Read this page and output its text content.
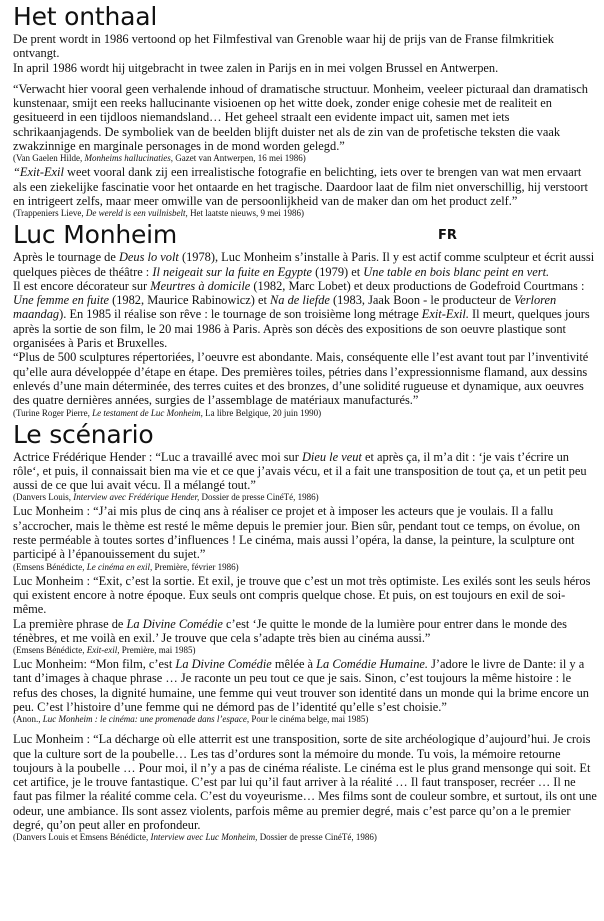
Het onthaal

De prent wordt in 1986 vertoond op het Filmfestival van Grenoble waar hij de prijs van de Franse filmkritiek ontvangt.

In april 1986 wordt hij uitgebracht in twee zalen in Parijs en in mei volgen Brussel en Antwerpen.

“Verwacht hier vooral geen verhalende inhoud of dramatische structuur. Monheim, veeleer picturaal dan dramatisch kunstenaar, smijt een reeks hallucinante visioenen op het witte doek, zonder enige cohesie met de realiteit en gesitueerd in een tijdloos niemandsland… Het geheel straalt een evidente impact uit, samen met iets schrikaanjagends. De symboliek van de beelden blijft duister net als de zin van de profetische teksten die vaak zwakzinnige en marginale personages in de mond worden gelegd.”

(Van Gaelen Hilde, Monheims hallucinaties, Gazet van Antwerpen, 16 mei 1986)

“Exit-Exil weet vooral dank zij een irrealistische fotografie en belichting, iets over te brengen van wat men ervaart als een ziekelijke fascinatie voor het ontaarde en het tragische. Daardoor laat de film niet onverschillig, hij verstoort en intrigeert zelfs, maar meer omwille van de persoonlijkheid van de maker dan om het product zelf.”

(Trappeniers Lieve, De wereld is een vuilnisbelt, Het laatste nieuws, 9 mei 1986)
Luc Monheim	FR

Après le tournage de Deus lo volt (1978), Luc Monheim s’installe à Paris. Il y est actif comme sculpteur et écrit aussi quelques pièces de théâtre : Il neigeait sur la fuite en Egypte (1979) et Une table en bois blanc peint en vert.

Il est encore décorateur sur Meurtres à domicile (1982, Marc Lobet) et deux productions de Godefroid Courtmans : Une femme en fuite (1982, Maurice Rabinowicz) et Na de liefde (1983, Jaak Boon - le producteur de Verloren maandag). En 1985 il réalise son rêve : le tournage de son troisième long métrage Exit-Exil. Il meurt, quelques jours après la sortie de son film, le 20 mai 1986 à Paris. Après son décès des expositions de son oeuvre plastique sont organisées à Paris et Bruxelles.

“Plus de 500 sculptures répertoriées, l’oeuvre est abondante. Mais, conséquente elle l’est avant tout par l’inventivité qu’elle aura développée d’étape en étape. Des premières toiles, pétries dans l’expressionnisme flamand, aux dessins enlevés d’une main déterminée, des terres cuites et des bronzes, d’une solidité rugueuse et dynamique, aux oeuvres des quatre dernières années, surgies de l’assemblage de matériaux manufacturés.”

(Turine Roger Pierre, Le testament de Luc Monheim, La libre Belgique, 20 juin 1990)
Le scénario

Actrice Frédérique Hender : “Luc a travaillé avec moi sur Dieu le veut et après ça, il m’a dit : ‘je vais t’écrire un rôle‘, et puis, il connaissait bien ma vie et ce que j’avais vécu, et il a fait une transposition de tout ça, et un petit peu aussi de ce que lui avait vécu. Il a mélangé tout.”

(Danvers Louis, Interview avec Frédérique Hender, Dossier de presse CinéTé, 1986)

Luc Monheim : “J’ai mis plus de cinq ans à réaliser ce projet et à imposer les acteurs que je voulais. Il a fallu s’accrocher, mais le thème est resté le même depuis le premier jour. Bien sûr, pendant tout ce temps, on évolue, on reste perméable à toutes sortes d’influences ! Le cinéma, mais aussi l’opéra, la danse, la peinture, la sculpture ont participé à l’épanouissement du sujet.”

(Emsens Bénédicte, Le cinéma en exil, Première, février 1986)

Luc Monheim : “Exit, c’est la sortie. Et exil, je trouve que c’est un mot très optimiste. Les exilés sont les seuls héros qui existent encore à notre époque. Eux seuls ont compris quelque chose. Et puis, on est toujours en exil de soi-même.

La première phrase de La Divine Comédie c’est ‘Je quitte le monde de la lumière pour entrer dans le monde des ténèbres, et me voilà en exil.’ Je trouve que cela s’adapte très bien au cinéma aussi.”

(Emsens Bénédicte, Exit-exil, Première, mai 1985)

Luc Monheim: “Mon film, c’est La Divine Comédie mêlée à La Comédie Humaine. J’adore le livre de Dante: il y a tant d’images à chaque phrase … Je raconte un peu tout ce que je sais. Sinon, c’est toujours la même histoire : le refus des choses, la dignité humaine, une femme qui veut trouver son identité dans un monde qui la brime encore un peu. C’est l’histoire d’une femme qui ne démord pas de l’identité qu’elle s’est choisie.”

(Anon., Luc Monheim : le cinéma: une promenade dans l’espace, Pour le cinéma belge, mai 1985)

Luc Monheim : “La décharge où elle atterrit est une transposition, sorte de site archéologique d’aujourd’hui. Je crois que la culture sort de la poubelle… Les tas d’ordures sont la mémoire du monde. Tu vois, la mémoire retourne toujours à la poubelle … Pour moi, il n’y a pas de cinéma réaliste. Le cinéma est le plus grand mensonge qui soit. Et cet artifice, je le trouve fantastique. C’est par lui qu’il faut arriver à la réalité … Il faut transposer, recréer … Il ne faut pas filmer la réalité comme cela. C’est du voyeurisme… Mes films sont de couleur sombre, et surtout, ils ont une odeur, une ambiance. Ils sont assez violents, parfois même au premier degré, mais c’est parce qu’on a le premier degré, qu’on peut aller en profondeur.

(Danvers Louis et Emsens Bénédicte, Interview avec Luc Monheim, Dossier de presse CinéTé, 1986)
